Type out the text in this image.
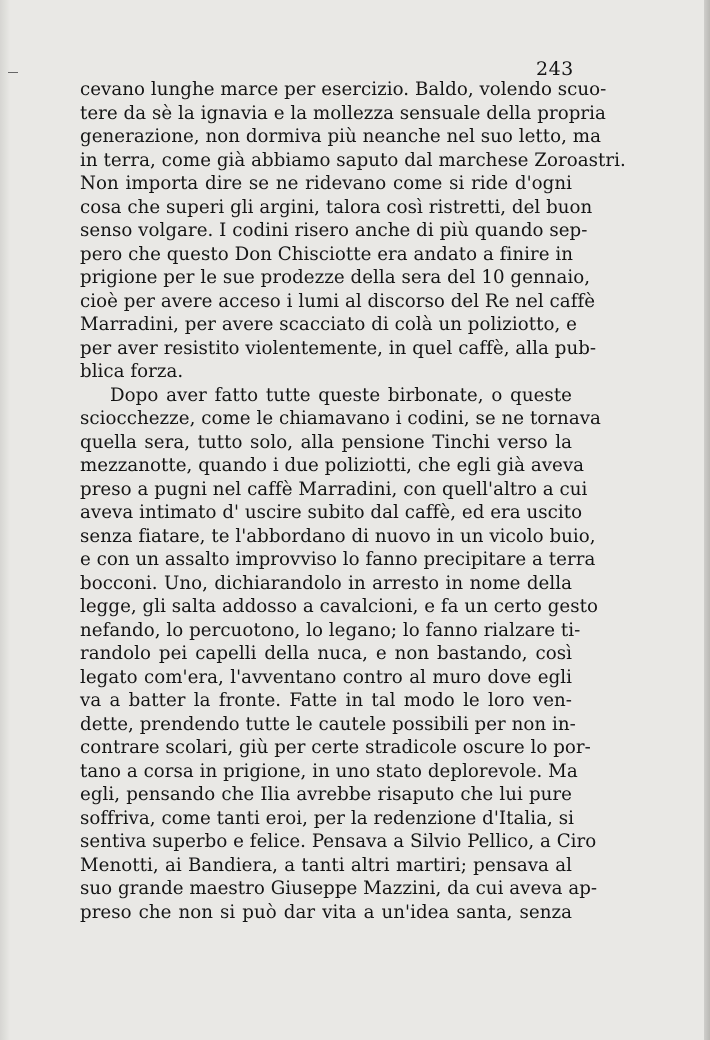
243
cevano lunghe marce per esercizio. Baldo, volendo scuo-
tere da sè la ignavia e la mollezza sensuale della propria
generazione, non dormiva più neanche nel suo letto, ma
in terra, come già abbiamo saputo dal marchese Zoroastri.
Non importa dire se ne ridevano come si ride d'ogni
cosa che superi gli argini, talora così ristretti, del buon
senso volgare. I codini risero anche di più quando sep-
pero che questo Don Chisciotte era andato a finire in
prigione per le sue prodezze della sera del 10 gennaio,
cioè per avere acceso i lumi al discorso del Re nel caffè
Marradini, per avere scacciato di colà un poliziotto, e
per aver resistito violentemente, in quel caffè, alla pub-
blica forza.
Dopo aver fatto tutte queste birbonate, o queste
sciocchezze, come le chiamavano i codini, se ne tornava
quella sera, tutto solo, alla pensione Tinchi verso la
mezzanotte, quando i due poliziotti, che egli già aveva
preso a pugni nel caffè Marradini, con quell'altro a cui
aveva intimato d' uscire subito dal caffè, ed era uscito
senza fiatare, te l'abbordano di nuovo in un vicolo buio,
e con un assalto improvviso lo fanno precipitare a terra
bocconi. Uno, dichiarandolo in arresto in nome della
legge, gli salta addosso a cavalcioni, e fa un certo gesto
nefando, lo percuotono, lo legano; lo fanno rialzare ti-
randolo pei capelli della nuca, e non bastando, così
legato com'era, l'avventano contro al muro dove egli
va a batter la fronte. Fatte in tal modo le loro ven-
dette, prendendo tutte le cautele possibili per non in-
contrare scolari, giù per certe stradicole oscure lo por-
tano a corsa in prigione, in uno stato deplorevole. Ma
egli, pensando che Ilia avrebbe risaputo che lui pure
soffriva, come tanti eroi, per la redenzione d'Italia, si
sentiva superbo e felice. Pensava a Silvio Pellico, a Ciro
Menotti, ai Bandiera, a tanti altri martiri; pensava al
suo grande maestro Giuseppe Mazzini, da cui aveva ap-
preso che non si può dar vita a un'idea santa, senza
